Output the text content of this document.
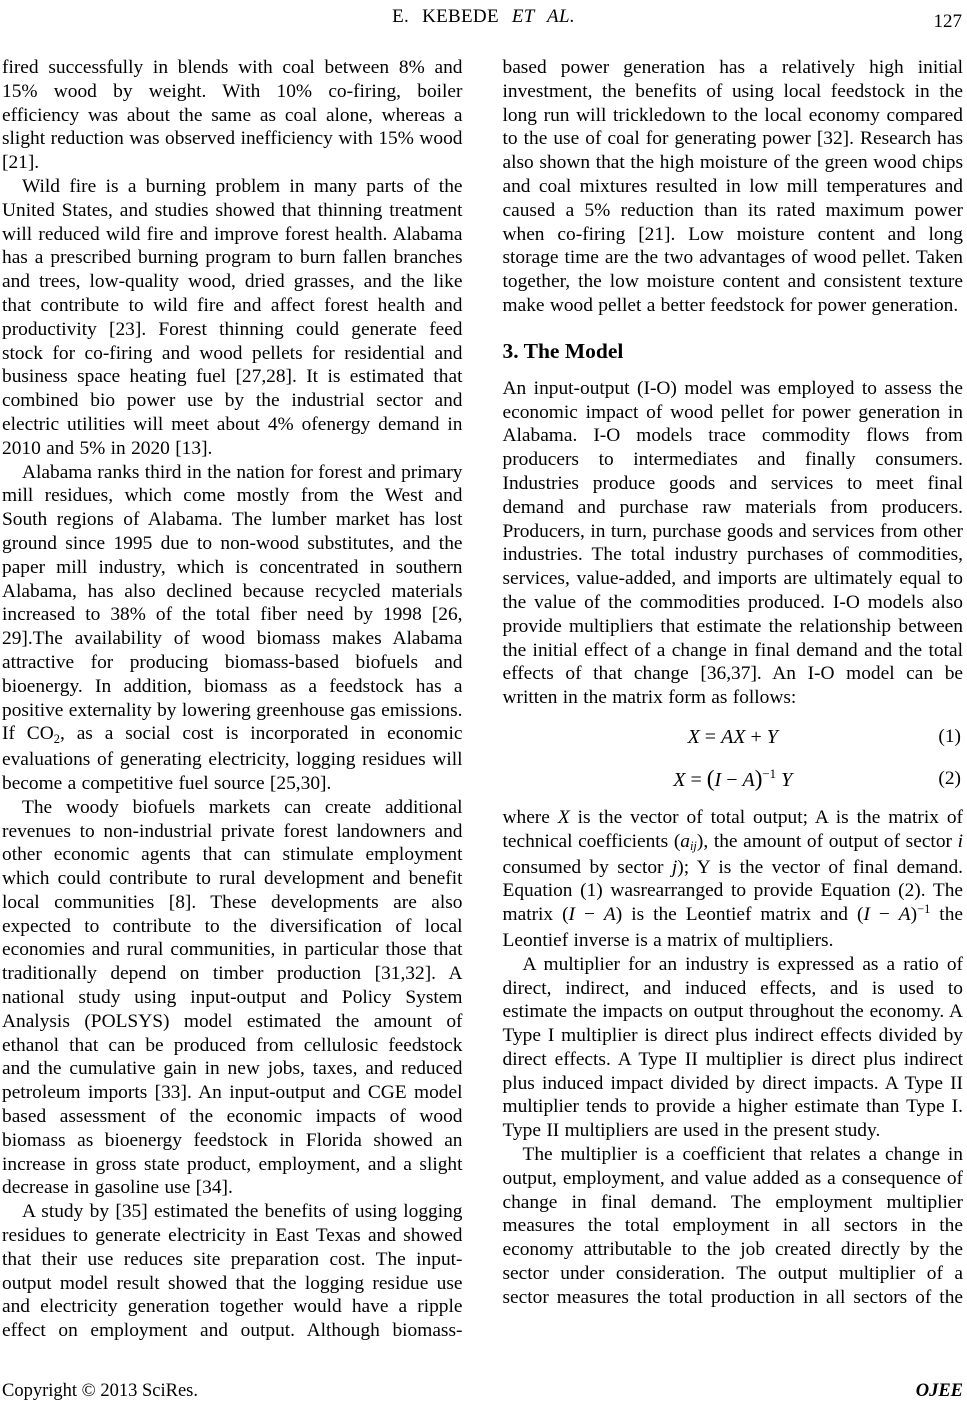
E. KEBEDE ET AL.	127

fired successfully in blends with coal between 8% and 15% wood by weight. With 10% co-firing, boiler efficiency was about the same as coal alone, whereas a slight reduction was observed inefficiency with 15% wood [21].

Wild fire is a burning problem in many parts of the United States, and studies showed that thinning treatment will reduced wild fire and improve forest health. Alabama has a prescribed burning program to burn fallen branches and trees, low-quality wood, dried grasses, and the like that contribute to wild fire and affect forest health and productivity [23]. Forest thinning could generate feed stock for co-firing and wood pellets for residential and business space heating fuel [27,28]. It is estimated that combined bio power use by the industrial sector and electric utilities will meet about 4% ofenergy demand in 2010 and 5% in 2020 [13].

Alabama ranks third in the nation for forest and primary mill residues, which come mostly from the West and South regions of Alabama. The lumber market has lost ground since 1995 due to non-wood substitutes, and the paper mill industry, which is concentrated in southern Alabama, has also declined because recycled materials increased to 38% of the total fiber need by 1998 [26, 29].The availability of wood biomass makes Alabama attractive for producing biomass-based biofuels and bioenergy. In addition, biomass as a feedstock has a positive externality by lowering greenhouse gas emissions. If CO2, as a social cost is incorporated in economic evaluations of generating electricity, logging residues will become a competitive fuel source [25,30].

The woody biofuels markets can create additional revenues to non-industrial private forest landowners and other economic agents that can stimulate employment which could contribute to rural development and benefit local communities [8]. These developments are also expected to contribute to the diversification of local economies and rural communities, in particular those that traditionally depend on timber production [31,32]. A national study using input-output and Policy System Analysis (POLSYS) model estimated the amount of ethanol that can be produced from cellulosic feedstock and the cumulative gain in new jobs, taxes, and reduced petroleum imports [33]. An input-output and CGE model based assessment of the economic impacts of wood biomass as bioenergy feedstock in Florida showed an increase in gross state product, employment, and a slight decrease in gasoline use [34].

A study by [35] estimated the benefits of using logging residues to generate electricity in East Texas and showed that their use reduces site preparation cost. The input-output model result showed that the logging residue use and electricity generation together would have a ripple effect on employment and output. Although biomass-

based power generation has a relatively high initial investment, the benefits of using local feedstock in the long run will trickledown to the local economy compared to the use of coal for generating power [32]. Research has also shown that the high moisture of the green wood chips and coal mixtures resulted in low mill temperatures and caused a 5% reduction than its rated maximum power when co-firing [21]. Low moisture content and long storage time are the two advantages of wood pellet. Taken together, the low moisture content and consistent texture make wood pellet a better feedstock for power generation.

3. The Model

An input-output (I-O) model was employed to assess the economic impact of wood pellet for power generation in Alabama. I-O models trace commodity flows from producers to intermediates and finally consumers. Industries produce goods and services to meet final demand and purchase raw materials from producers. Producers, in turn, purchase goods and services from other industries. The total industry purchases of commodities, services, value-added, and imports are ultimately equal to the value of the commodities produced. I-O models also provide multipliers that estimate the relationship between the initial effect of a change in final demand and the total effects of that change [36,37]. An I-O model can be written in the matrix form as follows:

X = AX + Y	(1)
$X = (I - A)^{-1}$ Y	(2)

where X is the vector of total output; A is the matrix of technical coefficients (aij), the amount of output of sector i consumed by sector j); Y is the vector of final demand. Equation (1) wasrearranged to provide Equation (2). The matrix (I − A) is the Leontief matrix and $(I - A)^{-1}$ the Leontief inverse is a matrix of multipliers.

A multiplier for an industry is expressed as a ratio of direct, indirect, and induced effects, and is used to estimate the impacts on output throughout the economy. A Type I multiplier is direct plus indirect effects divided by direct effects. A Type II multiplier is direct plus indirect plus induced impact divided by direct impacts. A Type II multiplier tends to provide a higher estimate than Type I. Type II multipliers are used in the present study.

The multiplier is a coefficient that relates a change in output, employment, and value added as a consequence of change in final demand. The employment multiplier measures the total employment in all sectors in the economy attributable to the job created directly by the sector under consideration. The output multiplier of a sector measures the total production in all sectors of the

Copyright © 2013 SciRes.	OJEE
